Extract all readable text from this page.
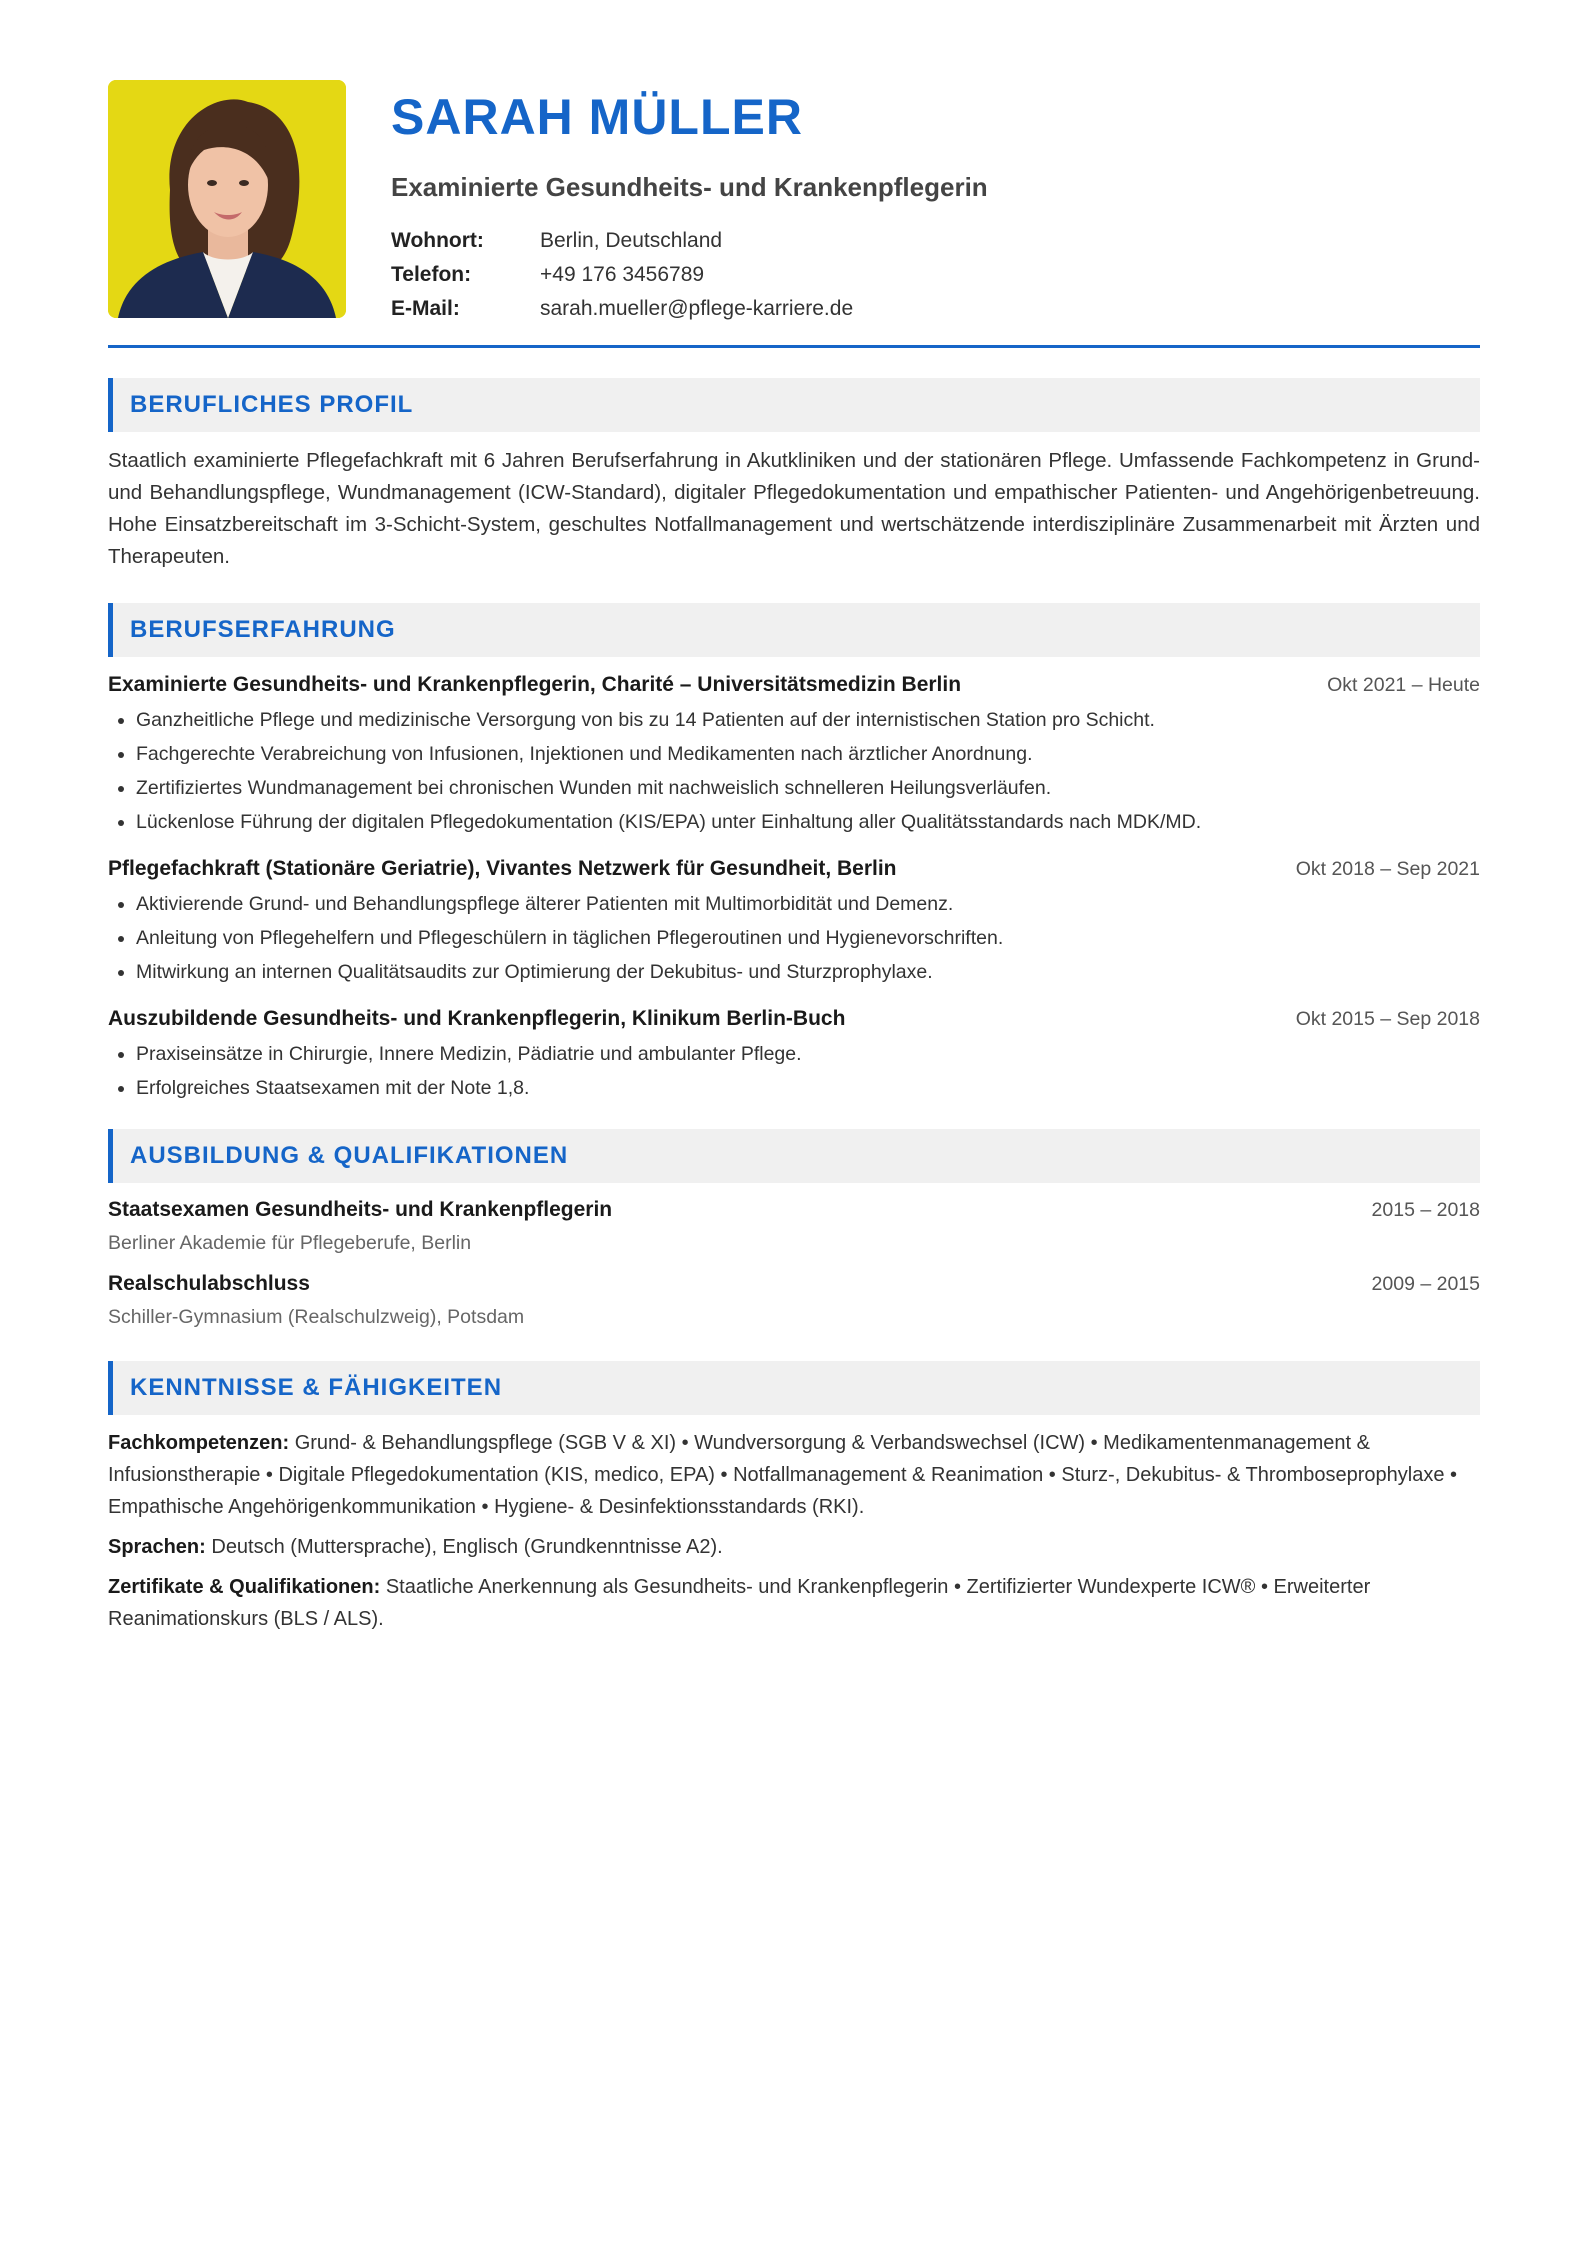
SARAH MÜLLER
Examinierte Gesundheits- und Krankenpflegerin
Wohnort:	Berlin, Deutschland
Telefon:	+49 176 3456789
E-Mail:	sarah.mueller@pflege-karriere.de
BERUFLICHES PROFIL
Staatlich examinierte Pflegefachkraft mit 6 Jahren Berufserfahrung in Akutkliniken und der stationären Pflege. Umfassende Fachkompetenz in Grund- und Behandlungspflege, Wundmanagement (ICW-Standard), digitaler Pflegedokumentation und empathischer Patienten- und Angehörigenbetreuung. Hohe Einsatzbereitschaft im 3-Schicht-System, geschultes Notfallmanagement und wertschätzende interdisziplinäre Zusammenarbeit mit Ärzten und Therapeuten.
BERUFSERFAHRUNG
Examinierte Gesundheits- und Krankenpflegerin, Charité – Universitätsmedizin Berlin	Okt 2021 – Heute
• Ganzheitliche Pflege und medizinische Versorgung von bis zu 14 Patienten auf der internistischen Station pro Schicht.
• Fachgerechte Verabreichung von Infusionen, Injektionen und Medikamenten nach ärztlicher Anordnung.
• Zertifiziertes Wundmanagement bei chronischen Wunden mit nachweislich schnelleren Heilungsverläufen.
• Lückenlose Führung der digitalen Pflegedokumentation (KIS/EPA) unter Einhaltung aller Qualitätsstandards nach MDK/MD.
Pflegefachkraft (Stationäre Geriatrie), Vivantes Netzwerk für Gesundheit, Berlin	Okt 2018 – Sep 2021
• Aktivierende Grund- und Behandlungspflege älterer Patienten mit Multimorbidität und Demenz.
• Anleitung von Pflegehelfern und Pflegeschülern in täglichen Pflegeroutinen und Hygienevorschriften.
• Mitwirkung an internen Qualitätsaudits zur Optimierung der Dekubitus- und Sturzprophylaxe.
Auszubildende Gesundheits- und Krankenpflegerin, Klinikum Berlin-Buch	Okt 2015 – Sep 2018
• Praxiseinsätze in Chirurgie, Innere Medizin, Pädiatrie und ambulanter Pflege.
• Erfolgreiches Staatsexamen mit der Note 1,8.
AUSBILDUNG & QUALIFIKATIONEN
Staatsexamen Gesundheits- und Krankenpflegerin	2015 – 2018
Berliner Akademie für Pflegeberufe, Berlin
Realschulabschluss	2009 – 2015
Schiller-Gymnasium (Realschulzweig), Potsdam
KENNTNISSE & FÄHIGKEITEN
Fachkompetenzen: Grund- & Behandlungspflege (SGB V & XI) • Wundversorgung & Verbandswechsel (ICW) • Medikamentenmanagement & Infusionstherapie • Digitale Pflegedokumentation (KIS, medico, EPA) • Notfallmanagement & Reanimation • Sturz-, Dekubitus- & Thromboseprophylaxe • Empathische Angehörigenkommunikation • Hygiene- & Desinfektionsstandards (RKI).
Sprachen: Deutsch (Muttersprache), Englisch (Grundkenntnisse A2).
Zertifikate & Qualifikationen: Staatliche Anerkennung als Gesundheits- und Krankenpflegerin • Zertifizierter Wundexperte ICW® • Erweiterter Reanimationskurs (BLS / ALS).
